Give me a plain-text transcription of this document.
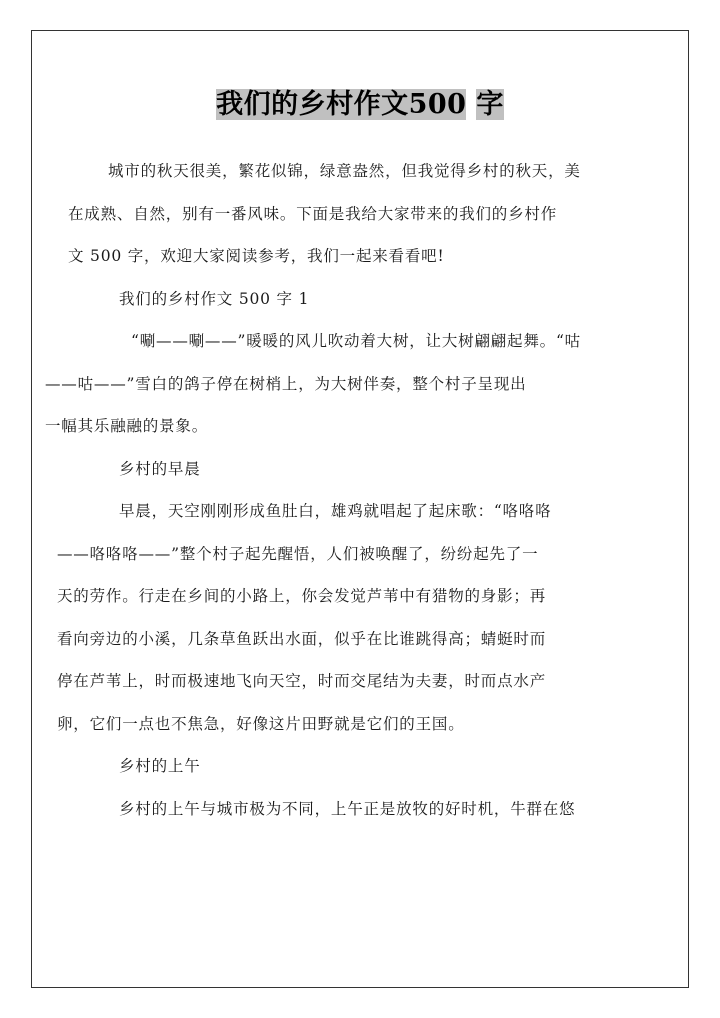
我们的乡村作文500 字

城市的秋天很美，繁花似锦，绿意盎然，但我觉得乡村的秋天，美
在成熟、自然，别有一番风味。下面是我给大家带来的我们的乡村作
文 500 字，欢迎大家阅读参考，我们一起来看看吧!

我们的乡村作文 500 字 1

“唰——唰——”暖暖的风儿吹动着大树，让大树翩翩起舞。“咕
——咕——”雪白的鸽子停在树梢上，为大树伴奏，整个村子呈现出
一幅其乐融融的景象。

乡村的早晨

早晨，天空刚刚形成鱼肚白，雄鸡就唱起了起床歌：“咯咯咯
——咯咯咯——”整个村子起先醒悟，人们被唤醒了，纷纷起先了一
天的劳作。行走在乡间的小路上，你会发觉芦苇中有猎物的身影；再
看向旁边的小溪，几条草鱼跃出水面，似乎在比谁跳得高；蜻蜓时而
停在芦苇上，时而极速地飞向天空，时而交尾结为夫妻，时而点水产
卵，它们一点也不焦急，好像这片田野就是它们的王国。

乡村的上午

乡村的上午与城市极为不同，上午正是放牧的好时机，牛群在悠
